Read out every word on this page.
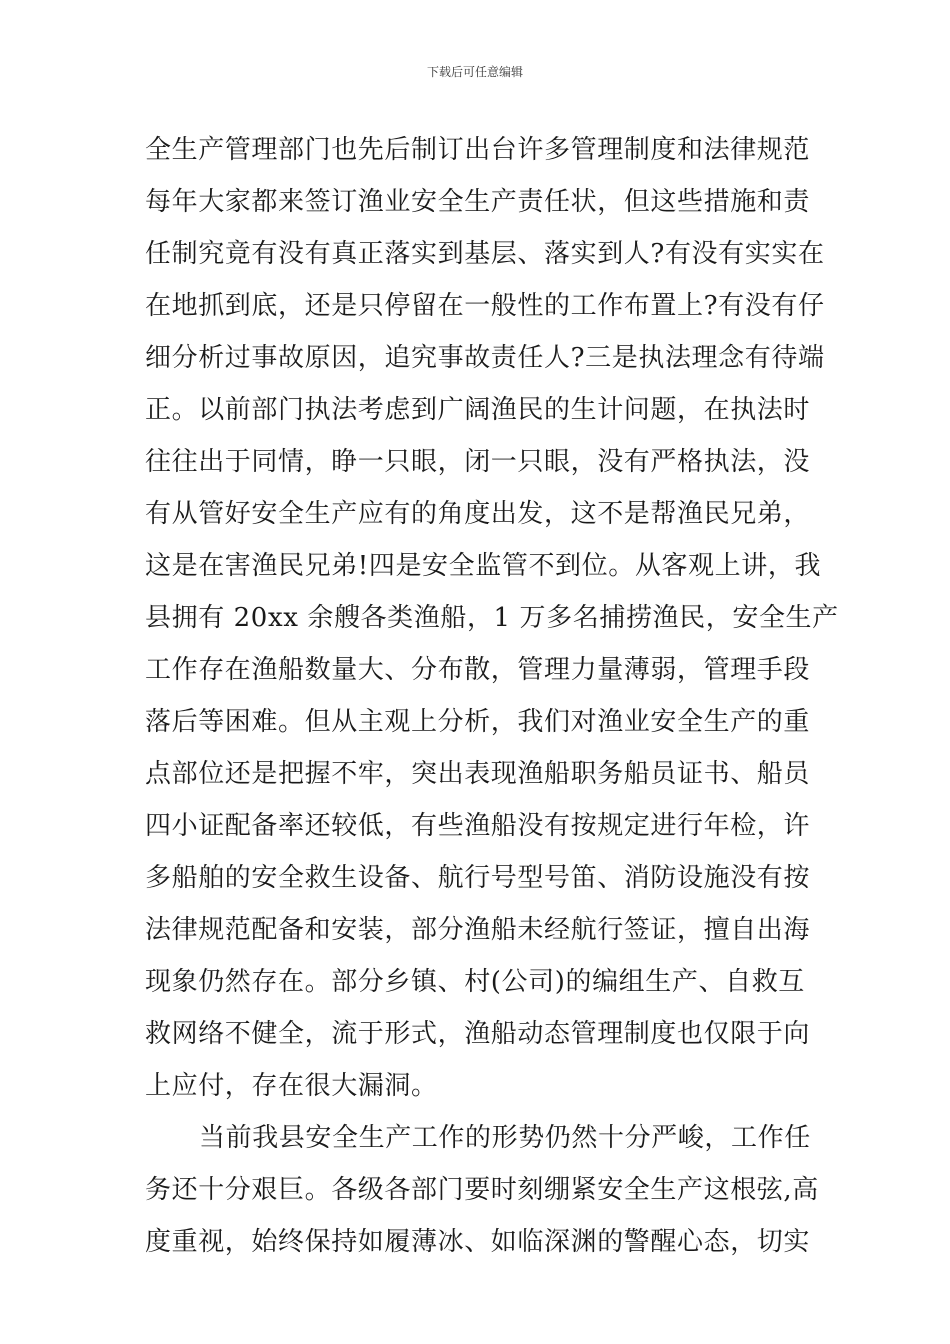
下载后可任意编辑
全生产管理部门也先后制订出台许多管理制度和法律规范
每年大家都来签订渔业安全生产责任状，但这些措施和责
任制究竟有没有真正落实到基层、落实到人?有没有实实在
在地抓到底，还是只停留在一般性的工作布置上?有没有仔
细分析过事故原因，追究事故责任人?三是执法理念有待端
正。以前部门执法考虑到广阔渔民的生计问题，在执法时
往往出于同情，睁一只眼，闭一只眼，没有严格执法，没
有从管好安全生产应有的角度出发，这不是帮渔民兄弟，
这是在害渔民兄弟!四是安全监管不到位。从客观上讲，我
县拥有 20xx 余艘各类渔船，1 万多名捕捞渔民，安全生产
工作存在渔船数量大、分布散，管理力量薄弱，管理手段
落后等困难。但从主观上分析，我们对渔业安全生产的重
点部位还是把握不牢，突出表现渔船职务船员证书、船员
四小证配备率还较低，有些渔船没有按规定进行年检，许
多船舶的安全救生设备、航行号型号笛、消防设施没有按
法律规范配备和安装，部分渔船未经航行签证，擅自出海
现象仍然存在。部分乡镇、村(公司)的编组生产、自救互
救网络不健全，流于形式，渔船动态管理制度也仅限于向
上应付，存在很大漏洞。
当前我县安全生产工作的形势仍然十分严峻，工作任
务还十分艰巨。各级各部门要时刻绷紧安全生产这根弦,高
度重视，始终保持如履薄冰、如临深渊的警醒心态，切实
